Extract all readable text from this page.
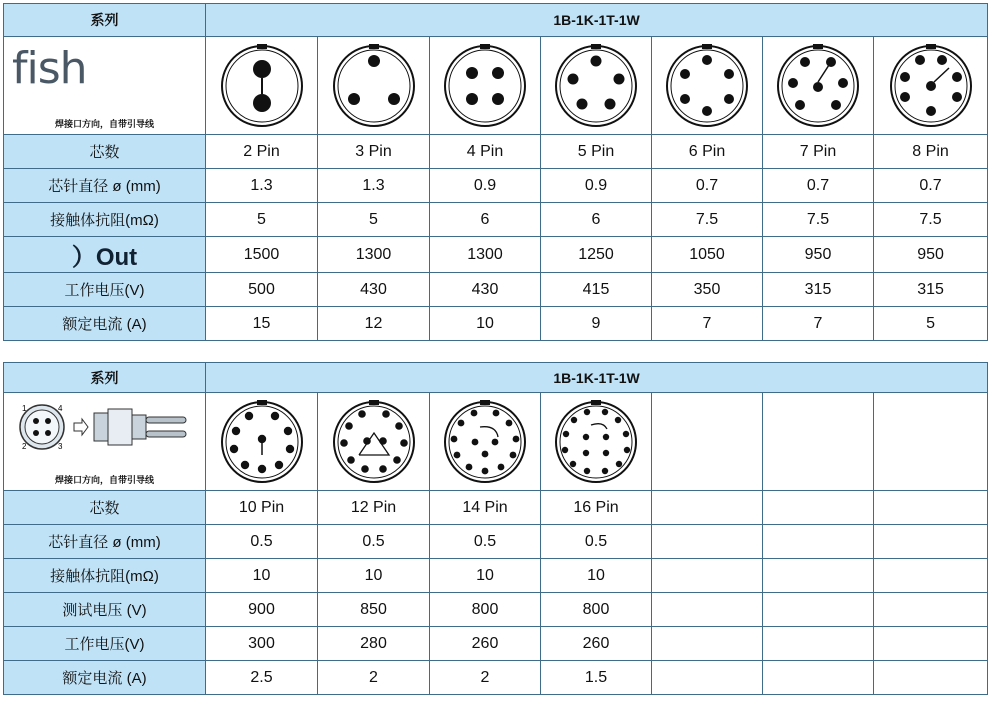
系列	1B-1K-1T-1W						

fish
焊接口方向，自带引导线

芯数	2 Pin	3 Pin	4 Pin	5 Pin	6 Pin	7 Pin	8 Pin
芯针直径 ø (mm)	1.3	1.3	0.9	0.9	0.7	0.7	0.7
接触体抗阻(mΩ)	5	5	6	6	7.5	7.5	7.5
）Out	1500	1300	1300	1250	1050	950	950
工作电压(V)	500	430	430	415	350	315	315
额定电流 (A)	15	12	10	9	7	7	5
系列	1B-1K-1T-1W						

1 4
2 3
焊接口方向，自带引导线

芯数	10 Pin	12 Pin	14 Pin	16 Pin			
芯针直径 ø (mm)	0.5	0.5	0.5	0.5			
接触体抗阻(mΩ)	10	10	10	10			
测试电压 (V)	900	850	800	800			
工作电压(V)	300	280	260	260			
额定电流 (A)	2.5	2	2	1.5			
